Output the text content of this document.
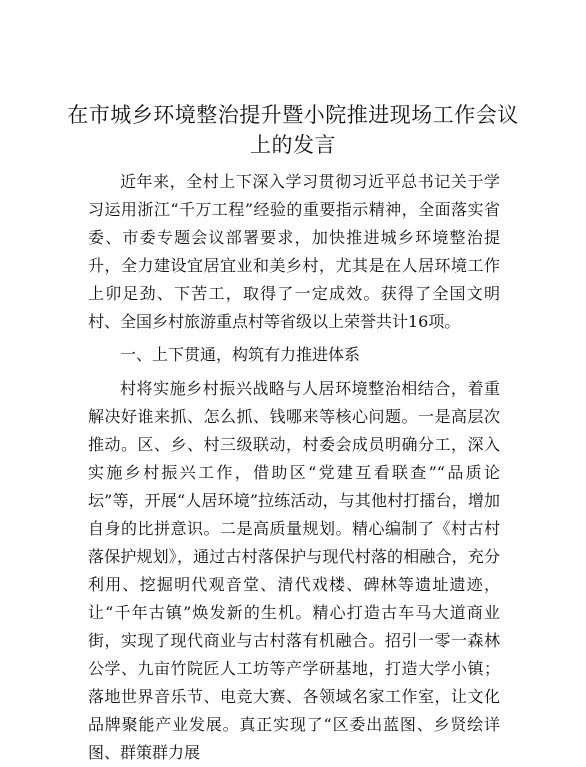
在市城乡环境整治提升暨小院推进现场工作会议上的发言

近年来，全村上下深入学习贯彻习近平总书记关于学习运用浙江“千万工程”经验的重要指示精神，全面落实省委、市委专题会议部署要求，加快推进城乡环境整治提升，全力建设宜居宜业和美乡村，尤其是在人居环境工作上卯足劲、下苦工，取得了一定成效。获得了全国文明村、全国乡村旅游重点村等省级以上荣誉共计16项。

一、上下贯通，构筑有力推进体系

村将实施乡村振兴战略与人居环境整治相结合，着重解决好谁来抓、怎么抓、钱哪来等核心问题。一是高层次推动。区、乡、村三级联动，村委会成员明确分工，深入实施乡村振兴工作，借助区“党建互看联查”“品质论坛”等，开展“人居环境”拉练活动，与其他村打擂台，增加自身的比拼意识。二是高质量规划。精心编制了《村古村落保护规划》，通过古村落保护与现代村落的相融合，充分利用、挖掘明代观音堂、清代戏楼、碑林等遗址遗迹，让“千年古镇”焕发新的生机。精心打造古车马大道商业街，实现了现代商业与古村落有机融合。招引一零一森林公学、九亩竹院匠人工坊等产学研基地，打造大学小镇；落地世界音乐节、电竞大赛、各领域名家工作室，让文化品牌聚能产业发展。真正实现了“区委出蓝图、乡贤绘详图、群策群力展
